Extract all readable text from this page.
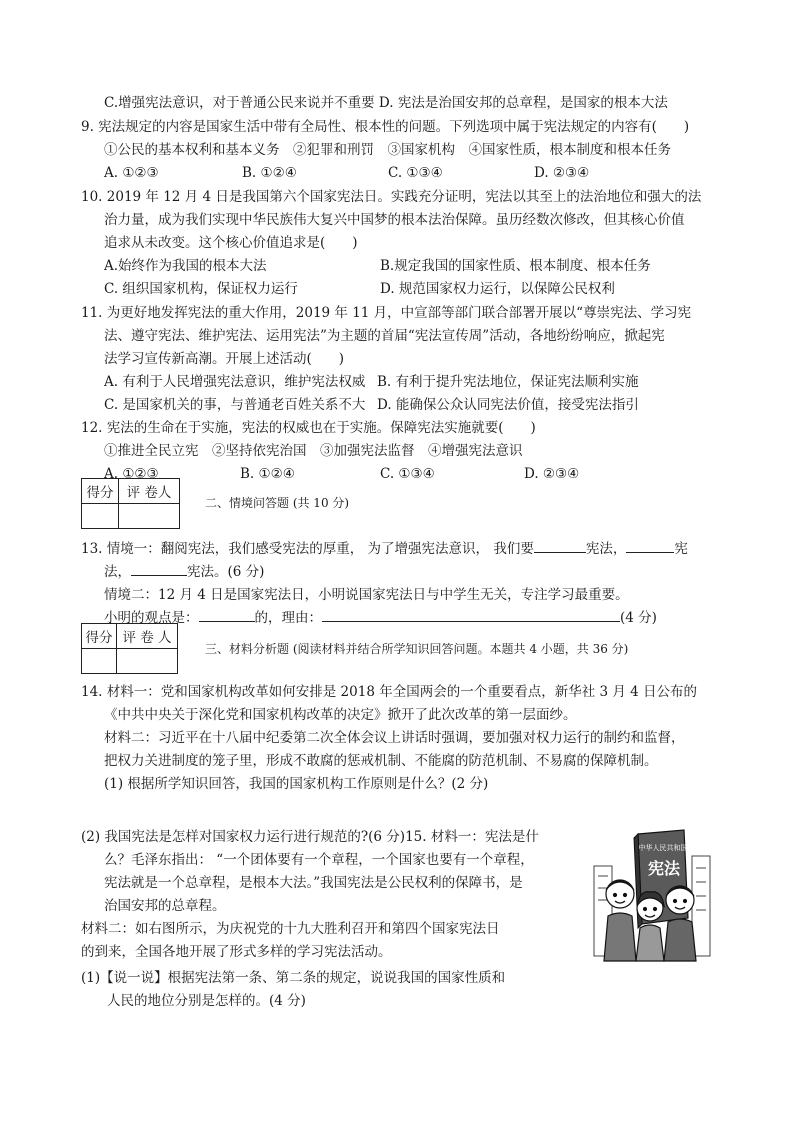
C.增强宪法意识，对于普通公民来说并不重要 D. 宪法是治国安邦的总章程，是国家的根本大法
9. 宪法规定的内容是国家生活中带有全局性、根本性的问题。下列选项中属于宪法规定的内容有(　　)
①公民的基本权利和基本义务　②犯罪和刑罚　③国家机构　④国家性质，根本制度和根本任务
A. ①②③	B. ①②④	C. ①③④	D. ②③④
10. 2019 年 12 月 4 日是我国第六个国家宪法日。实践充分证明，宪法以其至上的法治地位和强大的法
治力量，成为我们实现中华民族伟大复兴中国梦的根本法治保障。虽历经数次修改，但其核心价值
追求从未改变。这个核心价值追求是(　　)
A.始终作为我国的根本大法	B.规定我国的国家性质、根本制度、根本任务
C. 组织国家机构，保证权力运行	D. 规范国家权力运行，以保障公民权利
11. 为更好地发挥宪法的重大作用，2019 年 11 月，中宣部等部门联合部署开展以“尊崇宪法、学习宪
法、遵守宪法、维护宪法、运用宪法”为主题的首届“宪法宣传周”活动，各地纷纷响应，掀起宪
法学习宣传新高潮。开展上述活动(　　)
A. 有利于人民增强宪法意识，维护宪法权威 B. 有利于提升宪法地位，保证宪法顺利实施
C. 是国家机关的事，与普通老百姓关系不大 D. 能确保公众认同宪法价值，接受宪法指引
12. 宪法的生命在于实施，宪法的权威也在于实施。保障宪法实施就要(　　)
①推进全民立宪　②坚持依宪治国　③加强宪法监督　④增强宪法意识
A. ①②③	B. ①②④	C. ①③④	D. ②③④
得分	评 卷人

二、情境问答题 (共 10 分)
13. 情境一：翻阅宪法，我们感受宪法的厚重， 为了增强宪法意识， 我们要	宪法，	宪
法，	宪法。(6 分)
情境二：12 月 4 日是国家宪法日，小明说国家宪法日与中学生无关，专注学习最重要。
小明的观点是：	的，理由：	(4 分)
得分	评 卷 人

三、材料分析题 (阅读材料并结合所学知识回答问题。本题共 4 小题，共 36 分)
14. 材料一：党和国家机构改革如何安排是 2018 年全国两会的一个重要看点，新华社 3 月 4 日公布的
《中共中央关于深化党和国家机构改革的决定》掀开了此次改革的第一层面纱。
材料二：习近平在十八届中纪委第二次全体会议上讲话时强调，要加强对权力运行的制约和监督，
把权力关进制度的笼子里，形成不敢腐的惩戒机制、不能腐的防范机制、不易腐的保障机制。
(1) 根据所学知识回答，我国的国家机构工作原则是什么？(2 分)
(2) 我国宪法是怎样对国家权力运行进行规范的?(6 分)15. 材料一：宪法是什
么？毛泽东指出： “一个团体要有一个章程，一个国家也要有一个章程，
宪法就是一个总章程，是根本大法。”我国宪法是公民权利的保障书，是
治国安邦的总章程。
材料二：如右图所示，为庆祝党的十九大胜利召开和第四个国家宪法日
的到来，全国各地开展了形式多样的学习宪法活动。
(1)【说一说】根据宪法第一条、第二条的规定，说说我国的国家性质和
人民的地位分别是怎样的。(4 分)
中华人民共和国
宪法
